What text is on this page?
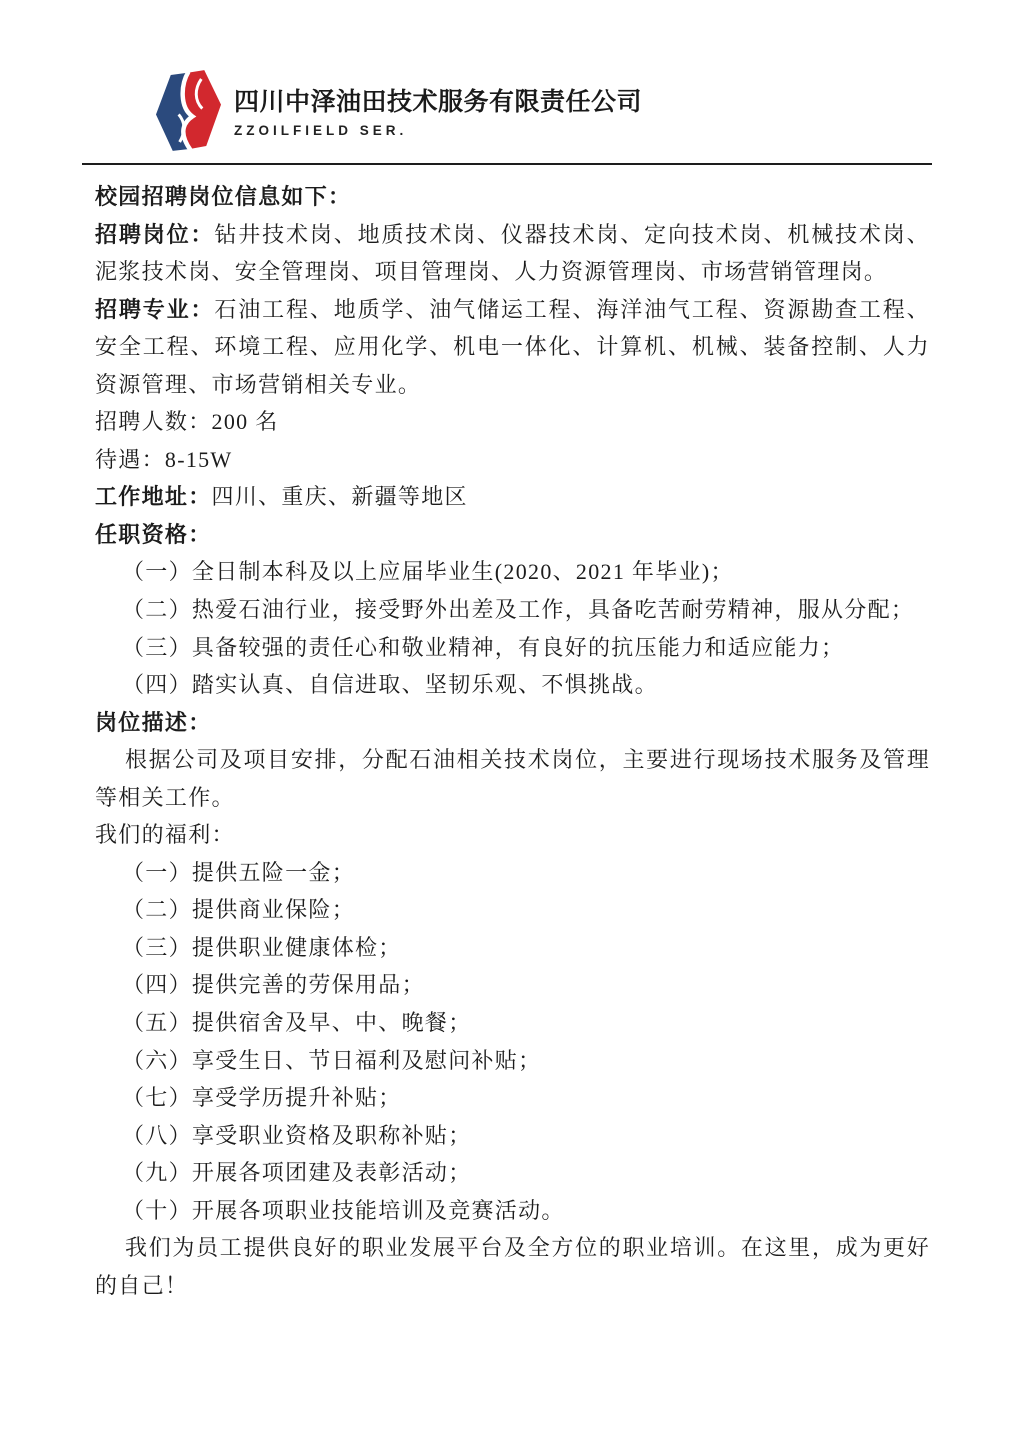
四川中泽油田技术服务有限责任公司
ZZOILFIELD SER.

校园招聘岗位信息如下：

招聘岗位：钻井技术岗、地质技术岗、仪器技术岗、定向技术岗、机械技术岗、泥浆技术岗、安全管理岗、项目管理岗、人力资源管理岗、市场营销管理岗。

招聘专业：石油工程、地质学、油气储运工程、海洋油气工程、资源勘查工程、安全工程、环境工程、应用化学、机电一体化、计算机、机械、装备控制、人力资源管理、市场营销相关专业。

招聘人数：200 名

待遇：8-15W

工作地址：四川、重庆、新疆等地区

任职资格：

（一）全日制本科及以上应届毕业生(2020、2021 年毕业)；

（二）热爱石油行业，接受野外出差及工作，具备吃苦耐劳精神，服从分配；

（三）具备较强的责任心和敬业精神，有良好的抗压能力和适应能力；

（四）踏实认真、自信进取、坚韧乐观、不惧挑战。

岗位描述：

根据公司及项目安排，分配石油相关技术岗位，主要进行现场技术服务及管理等相关工作。

我们的福利：

（一）提供五险一金；

（二）提供商业保险；

（三）提供职业健康体检；

（四）提供完善的劳保用品；

（五）提供宿舍及早、中、晚餐；

（六）享受生日、节日福利及慰问补贴；

（七）享受学历提升补贴；

（八）享受职业资格及职称补贴；

（九）开展各项团建及表彰活动；

（十）开展各项职业技能培训及竞赛活动。

我们为员工提供良好的职业发展平台及全方位的职业培训。在这里，成为更好的自己！
